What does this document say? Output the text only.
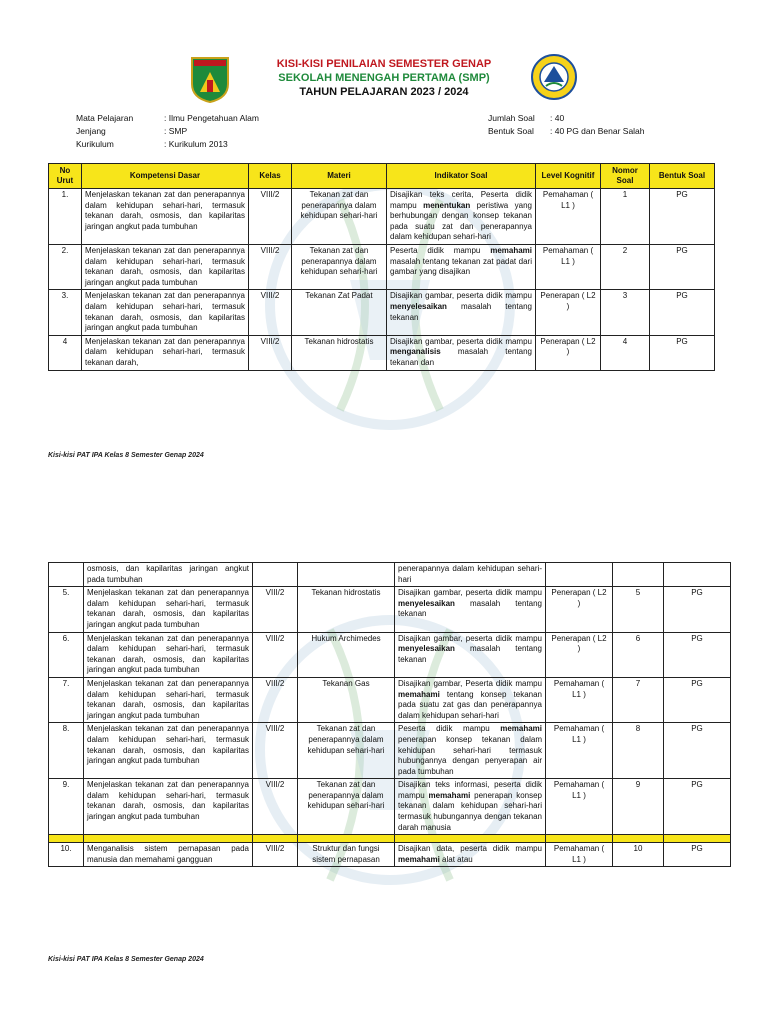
KISI-KISI PENILAIAN SEMESTER GENAP
SEKOLAH MENENGAH PERTAMA (SMP)
TAHUN PELAJARAN 2023 / 2024
Mata Pelajaran	: Ilmu Pengetahuan Alam
Jenjang	: SMP
Kurikulum	: Kurikulum 2013
Jumlah Soal : 40
Bentuk Soal : 40 PG dan Benar Salah
No Urut	Kompetensi Dasar	Kelas	Materi	Indikator Soal	Level Kognitif	Nomor Soal	Bentuk Soal
1.	Menjelaskan tekanan zat dan penerapannya dalam kehidupan sehari-hari, termasuk tekanan darah, osmosis, dan kapilaritas jaringan angkut pada tumbuhan	VIII/2	Tekanan zat dan penerapannya dalam kehidupan sehari-hari	Disajikan teks cerita, Peserta didik mampu menentukan peristiwa yang berhubungan dengan konsep tekanan pada suatu zat dan penerapannya dalam kehidupan sehari-hari	Pemahaman ( L1 )	1	PG
2.	Menjelaskan tekanan zat dan penerapannya dalam kehidupan sehari-hari, termasuk tekanan darah, osmosis, dan kapilaritas jaringan angkut pada tumbuhan	VIII/2	Tekanan zat dan penerapannya dalam kehidupan sehari-hari	Peserta didik mampu memahami masalah tentang tekanan zat padat dari gambar yang disajikan	Pemahaman ( L1 )	2	PG
3.	Menjelaskan tekanan zat dan penerapannya dalam kehidupan sehari-hari, termasuk tekanan darah, osmosis, dan kapilaritas jaringan angkut pada tumbuhan	VIII/2	Tekanan Zat Padat	Disajikan gambar, peserta didik mampu menyelesaikan masalah tentang tekanan	Penerapan ( L2 )	3	PG
4	Menjelaskan tekanan zat dan penerapannya dalam kehidupan sehari-hari, termasuk tekanan darah,	VIII/2	Tekanan hidrostatis	Disajikan gambar, peserta didik mampu menganalisis masalah tentang tekanan dan	Penerapan ( L2 )	4	PG
Kisi-kisi PAT IPA Kelas 8 Semester Genap 2024
	osmosis, dan kapilaritas jaringan angkut pada tumbuhan			penerapannya dalam kehidupan sehari-hari			
5.	Menjelaskan tekanan zat dan penerapannya dalam kehidupan sehari-hari, termasuk tekanan darah, osmosis, dan kapilaritas jaringan angkut pada tumbuhan	VIII/2	Tekanan hidrostatis	Disajikan gambar, peserta didik mampu menyelesaikan masalah tentang tekanan	Penerapan ( L2 )	5	PG
6.	Menjelaskan tekanan zat dan penerapannya dalam kehidupan sehari-hari, termasuk tekanan darah, osmosis, dan kapilaritas jaringan angkut pada tumbuhan	VIII/2	Hukum Archimedes	Disajikan gambar, peserta didik mampu menyelesaikan masalah tentang tekanan	Penerapan ( L2 )	6	PG
7.	Menjelaskan tekanan zat dan penerapannya dalam kehidupan sehari-hari, termasuk tekanan darah, osmosis, dan kapilaritas jaringan angkut pada tumbuhan	VIII/2	Tekanan Gas	Disajikan gambar, Peserta didik mampu memahami tentang konsep tekanan pada suatu zat gas dan penerapannya dalam kehidupan sehari-hari	Pemahaman ( L1 )	7	PG
8.	Menjelaskan tekanan zat dan penerapannya dalam kehidupan sehari-hari, termasuk tekanan darah, osmosis, dan kapilaritas jaringan angkut pada tumbuhan	VIII/2	Tekanan zat dan penerapannya dalam kehidupan sehari-hari	Peserta didik mampu memahami penerapan konsep tekanan dalam kehidupan sehari-hari termasuk hubungannya dengan penyerapan air pada tumbuhan	Pemahaman ( L1 )	8	PG
9.	Menjelaskan tekanan zat dan penerapannya dalam kehidupan sehari-hari, termasuk tekanan darah, osmosis, dan kapilaritas jaringan angkut pada tumbuhan	VIII/2	Tekanan zat dan penerapannya dalam kehidupan sehari-hari	Disajikan teks informasi, peserta didik mampu memahami penerapan konsep tekanan dalam kehidupan sehari-hari termasuk hubungannya dengan tekanan darah manusia	Pemahaman ( L1 )	9	PG

10.	Menganalisis sistem pernapasan pada manusia dan memahami gangguan	VIII/2	Struktur dan fungsi sistem pernapasan	Disajikan data, peserta didik mampu memahami alat atau	Pemahaman ( L1 )	10	PG
Kisi-kisi PAT IPA Kelas 8 Semester Genap 2024
